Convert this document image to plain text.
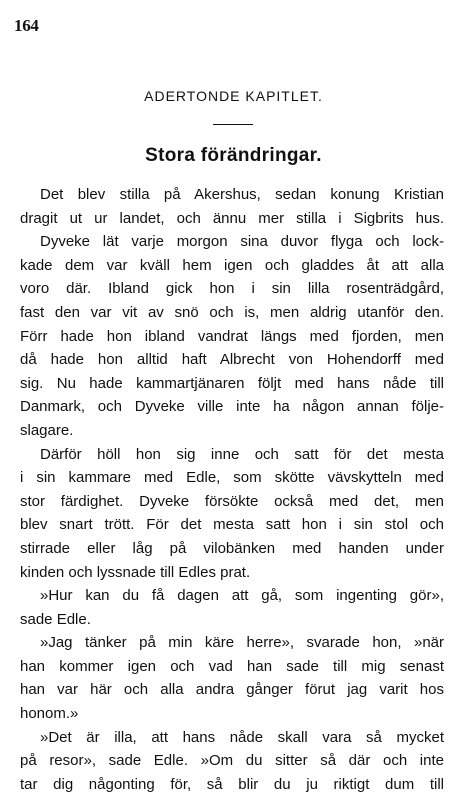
164
ADERTONDE KAPITLET.
Stora förändringar.
Det blev stilla på Akershus, sedan konung Kristian
dragit ut ur landet, och ännu mer stilla i Sigbrits hus.
Dyveke lät varje morgon sina duvor flyga och lock-
kade dem var kväll hem igen och gladdes åt att alla
voro där. Ibland gick hon i sin lilla rosenträdgård,
fast den var vit av snö och is, men aldrig utanför den.
Förr hade hon ibland vandrat längs med fjorden, men
då hade hon alltid haft Albrecht von Hohendorff med
sig. Nu hade kammartjänaren följt med hans nåde till
Danmark, och Dyveke ville inte ha någon annan följe-
slagare.
Därför höll hon sig inne och satt för det mesta
i sin kammare med Edle, som skötte vävskytteln med
stor färdighet. Dyveke försökte också med det, men
blev snart trött. För det mesta satt hon i sin stol och
stirrade eller låg på vilobänken med handen under
kinden och lyssnade till Edles prat.
»Hur kan du få dagen att gå, som ingenting gör»,
sade Edle.
»Jag tänker på min käre herre», svarade hon, »när
han kommer igen och vad han sade till mig senast
han var här och alla andra gånger förut jag varit hos
honom.»
»Det är illa, att hans nåde skall vara så mycket
på resor», sade Edle. »Om du sitter så där och inte
tar dig någonting för, så blir du ju riktigt dum till
